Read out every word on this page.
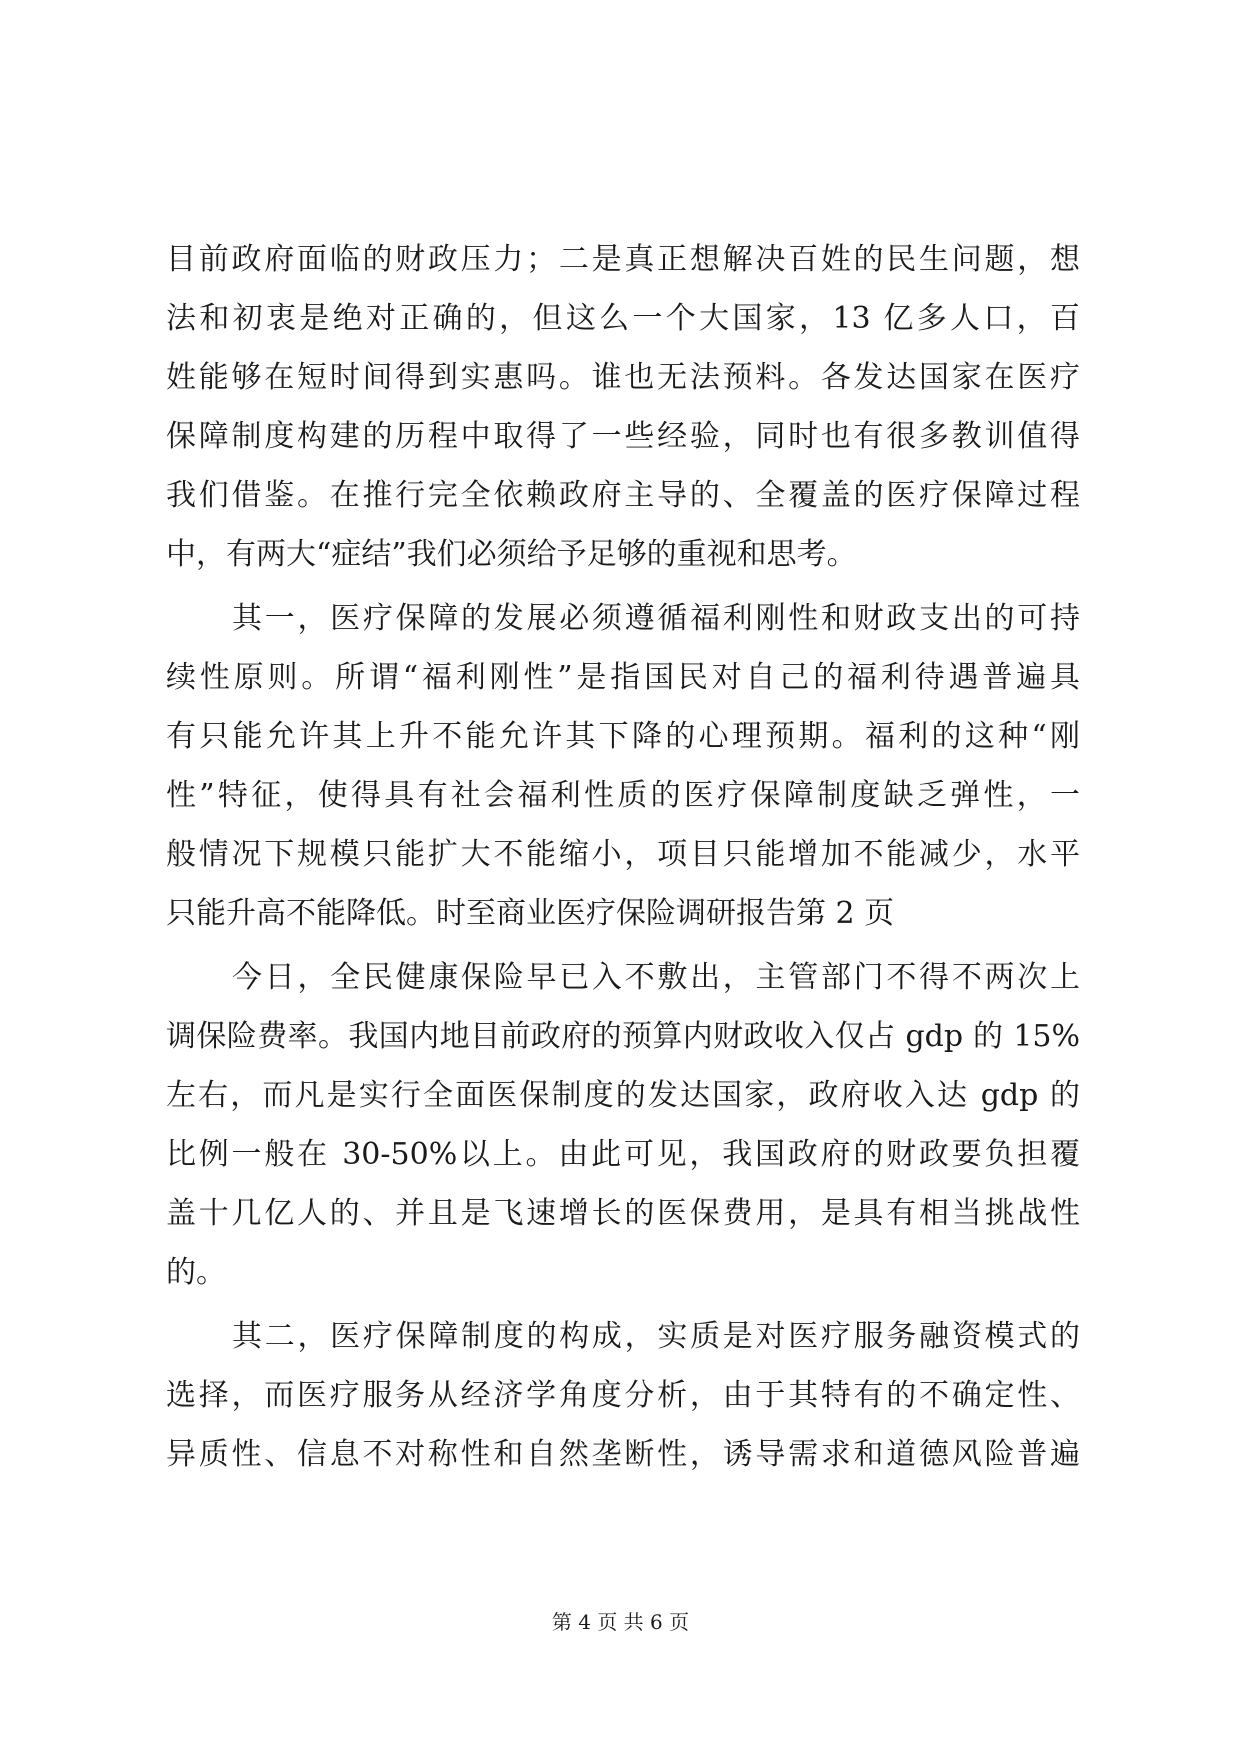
目前政府面临的财政压力；二是真正想解决百姓的民生问题，想
法和初衷是绝对正确的，但这么一个大国家，13 亿多人口，百
姓能够在短时间得到实惠吗。谁也无法预料。各发达国家在医疗
保障制度构建的历程中取得了一些经验，同时也有很多教训值得
我们借鉴。在推行完全依赖政府主导的、全覆盖的医疗保障过程
中，有两大“症结”我们必须给予足够的重视和思考。
其一，医疗保障的发展必须遵循福利刚性和财政支出的可持
续性原则。所谓“福利刚性”是指国民对自己的福利待遇普遍具
有只能允许其上升不能允许其下降的心理预期。福利的这种“刚
性”特征，使得具有社会福利性质的医疗保障制度缺乏弹性，一
般情况下规模只能扩大不能缩小，项目只能增加不能减少，水平
只能升高不能降低。时至商业医疗保险调研报告第 2 页
今日，全民健康保险早已入不敷出，主管部门不得不两次上
调保险费率。我国内地目前政府的预算内财政收入仅占 gdp 的 15%
左右，而凡是实行全面医保制度的发达国家，政府收入达 gdp 的
比例一般在 30-50%以上。由此可见，我国政府的财政要负担覆
盖十几亿人的、并且是飞速增长的医保费用，是具有相当挑战性
的。
其二，医疗保障制度的构成，实质是对医疗服务融资模式的
选择，而医疗服务从经济学角度分析，由于其特有的不确定性、
异质性、信息不对称性和自然垄断性，诱导需求和道德风险普遍
第 4 页 共 6 页
